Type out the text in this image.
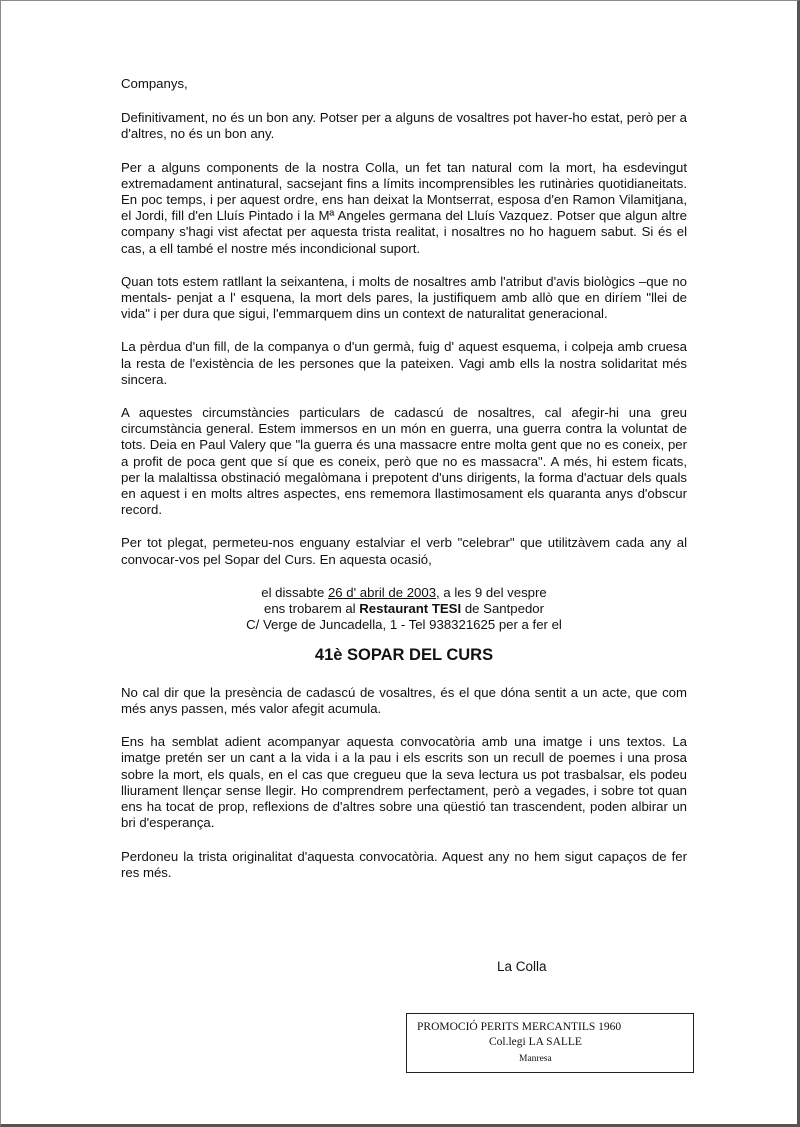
Companys,

Definitivament, no és un bon any. Potser per a alguns de vosaltres pot haver-ho estat, però per a d'altres, no és un bon any.

Per a alguns components de la nostra Colla, un fet tan natural com la mort, ha esdevingut extremadament antinatural, sacsejant fins a límits incomprensibles les rutinàries quotidianeitats. En poc temps, i per aquest ordre, ens han deixat la Montserrat, esposa d'en Ramon Vilamitjana, el Jordi, fill d'en Lluís Pintado i la Mª Angeles germana del Lluís Vazquez. Potser que algun altre company s'hagi vist afectat per aquesta trista realitat, i nosaltres no ho haguem sabut. Si és el cas, a ell també el nostre més incondicional suport.

Quan tots estem ratllant la seixantena, i molts de nosaltres amb l'atribut d'avis biològics –que no mentals- penjat a l' esquena, la mort dels pares, la justifiquem amb allò que en diríem "llei de vida" i per dura que sigui, l'emmarquem dins un context de naturalitat generacional.

La pèrdua d'un fill, de la companya o d'un germà, fuig d' aquest esquema, i colpeja amb cruesa la resta de l'existència de les persones que la pateixen. Vagi amb ells la nostra solidaritat més sincera.

A aquestes circumstàncies particulars de cadascú de nosaltres, cal afegir-hi una greu circumstància general. Estem immersos en un món en guerra, una guerra contra la voluntat de tots. Deia en Paul Valery que "la guerra és una massacre entre molta gent que no es coneix, per a profit de poca gent que sí que es coneix, però que no es massacra". A més, hi estem ficats, per la malaltissa obstinació megalòmana i prepotent d'uns dirigents, la forma d'actuar dels quals en aquest i en molts altres aspectes, ens rememora llastimosament els quaranta anys d'obscur record.

Per tot plegat, permeteu-nos enguany estalviar el verb "celebrar" que utilitzàvem cada any al convocar-vos pel Sopar del Curs. En aquesta ocasió,

el dissabte 26 d' abril de 2003, a les 9 del vespre
ens trobarem al Restaurant TESI de Santpedor
C/ Verge de Juncadella, 1 - Tel 938321625 per a fer el
41è SOPAR DEL CURS

No cal dir que la presència de cadascú de vosaltres, és el que dóna sentit a un acte, que com més anys passen, més valor afegit acumula.

Ens ha semblat adient acompanyar aquesta convocatòria amb una imatge i uns textos. La imatge pretén ser un cant a la vida i a la pau i els escrits son un recull de poemes i una prosa sobre la mort, els quals, en el cas que cregueu que la seva lectura us pot trasbalsar, els podeu lliurament llençar sense llegir. Ho comprendrem perfectament, però a vegades, i sobre tot quan ens ha tocat de prop, reflexions de d'altres sobre una qüestió tan trascendent, poden albirar un bri d'esperança.

Perdoneu la trista originalitat d'aquesta convocatòria. Aquest any no hem sigut capaços de fer res més.

La Colla
PROMOCIÓ PERITS MERCANTILS 1960
Col.legi LA SALLE
Manresa
